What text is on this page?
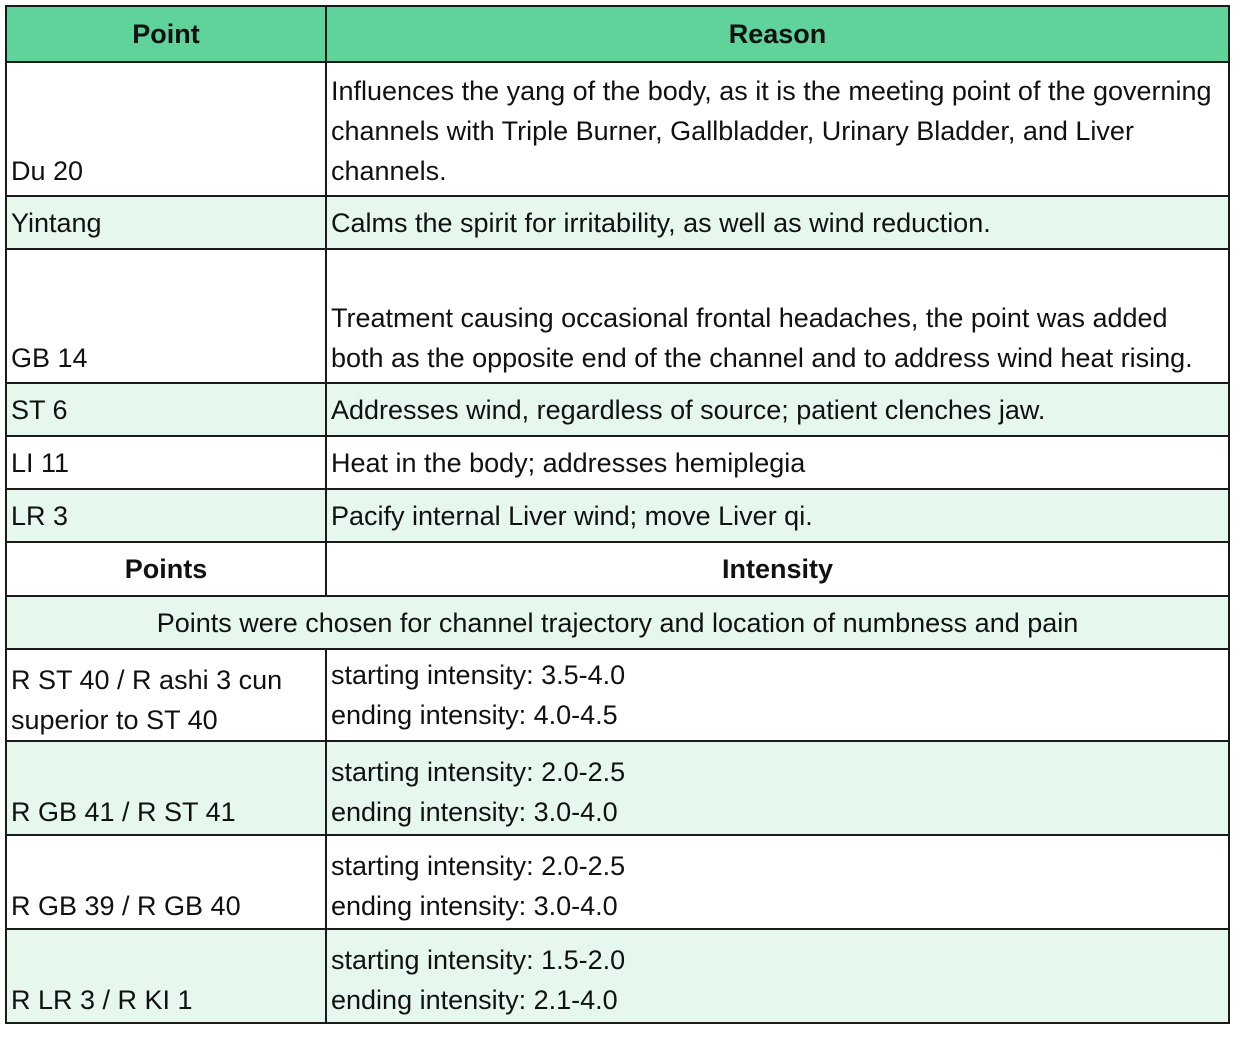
Point	Reason
Du 20	Influences the yang of the body, as it is the meeting point of the governing channels with Triple Burner, Gallbladder, Urinary Bladder, and Liver channels.
Yintang	Calms the spirit for irritability, as well as wind reduction.
GB 14	Treatment causing occasional frontal headaches, the point was added both as the opposite end of the channel and to address wind heat rising.
ST 6	Addresses wind, regardless of source; patient clenches jaw.
LI 11	Heat in the body; addresses hemiplegia
LR 3	Pacify internal Liver wind; move Liver qi.
Points	Intensity
Points were chosen for channel trajectory and location of numbness and pain	

R ST 40 / R ashi 3 cun
superior to ST 40	starting intensity: 3.5-4.0
ending intensity: 4.0-4.5

R GB 41 / R ST 41	starting intensity: 2.0-2.5
ending intensity: 3.0-4.0

R GB 39 / R GB 40	starting intensity: 2.0-2.5
ending intensity: 3.0-4.0

R LR 3 / R KI 1	starting intensity: 1.5-2.0
ending intensity: 2.1-4.0
